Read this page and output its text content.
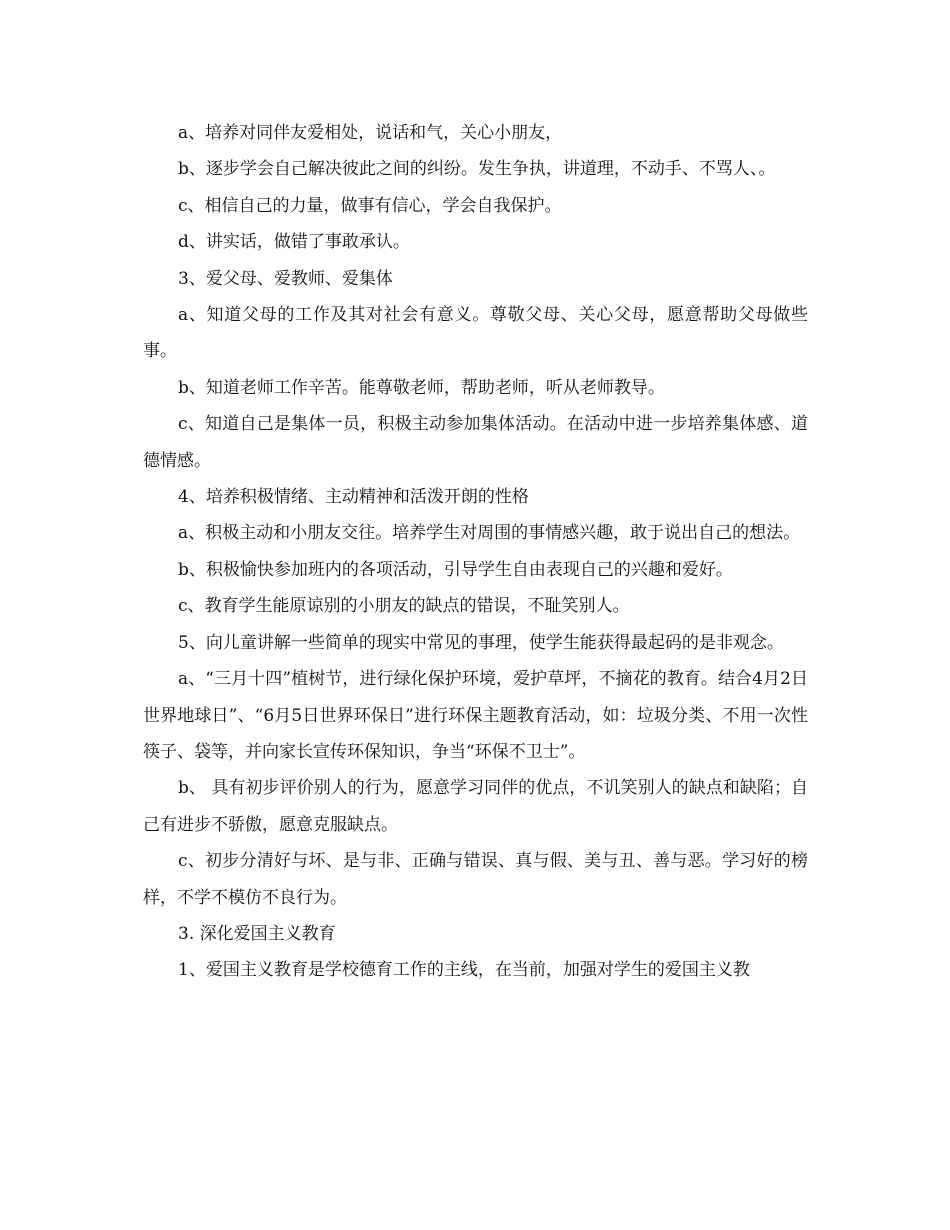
a、培养对同伴友爱相处，说话和气，关心小朋友，

b、逐步学会自己解决彼此之间的纠纷。发生争执，讲道理，不动手、不骂人、。

c、相信自己的力量，做事有信心，学会自我保护。

d、讲实话，做错了事敢承认。

3、爱父母、爱教师、爱集体

a、知道父母的工作及其对社会有意义。尊敬父母、关心父母，愿意帮助父母做些事。

b、知道老师工作辛苦。能尊敬老师，帮助老师，听从老师教导。

c、知道自己是集体一员，积极主动参加集体活动。在活动中进一步培养集体感、道德情感。

4、培养积极情绪、主动精神和活泼开朗的性格

a、积极主动和小朋友交往。培养学生对周围的事情感兴趣，敢于说出自己的想法。

b、积极愉快参加班内的各项活动，引导学生自由表现自己的兴趣和爱好。

c、教育学生能原谅别的小朋友的缺点的错误，不耻笑别人。

5、向儿童讲解一些简单的现实中常见的事理，使学生能获得最起码的是非观念。

a、“三月十四”植树节，进行绿化保护环境，爱护草坪，不摘花的教育。结合4月2日世界地球日”、“6月5日世界环保日”进行环保主题教育活动，如：垃圾分类、不用一次性筷子、袋等，并向家长宣传环保知识，争当“环保不卫士”。

b、 具有初步评价别人的行为，愿意学习同伴的优点，不讥笑别人的缺点和缺陷；自己有进步不骄傲，愿意克服缺点。

c、初步分清好与坏、是与非、正确与错误、真与假、美与丑、善与恶。学习好的榜样，不学不模仿不良行为。

3. 深化爱国主义教育

1、爱国主义教育是学校德育工作的主线，在当前，加强对学生的爱国主义教
